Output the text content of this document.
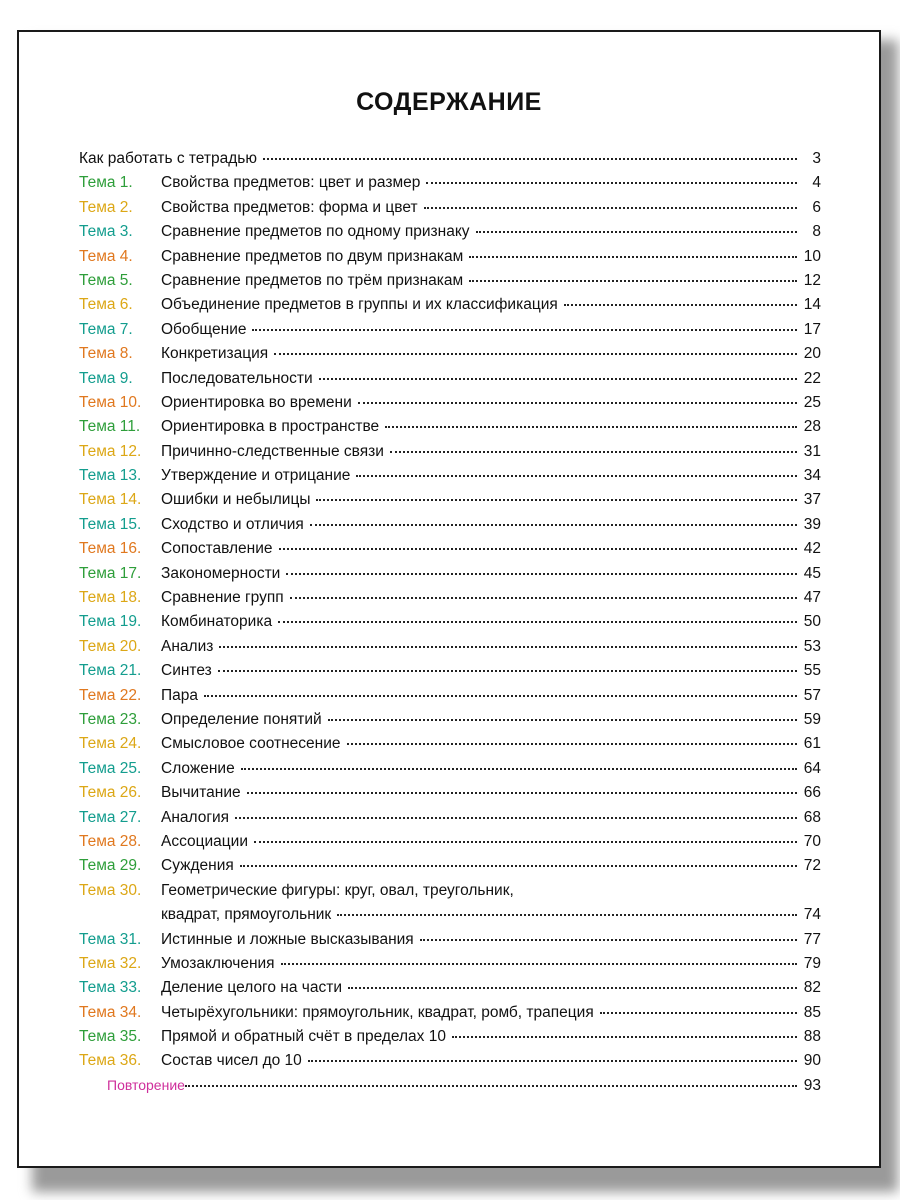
СОДЕРЖАНИЕ
Как работать с тетрадью	3
Тема 1.	Свойства предметов: цвет и размер	4
Тема 2.	Свойства предметов: форма и цвет	6
Тема 3.	Сравнение предметов по одному признаку	8
Тема 4.	Сравнение предметов по двум признакам	10
Тема 5.	Сравнение предметов по трём признакам	12
Тема 6.	Объединение предметов в группы и их классификация	14
Тема 7.	Обобщение	17
Тема 8.	Конкретизация	20
Тема 9.	Последовательности	22
Тема 10.	Ориентировка во времени	25
Тема 11.	Ориентировка в пространстве	28
Тема 12.	Причинно-следственные связи	31
Тема 13.	Утверждение и отрицание	34
Тема 14.	Ошибки и небылицы	37
Тема 15.	Сходство и отличия	39
Тема 16.	Сопоставление	42
Тема 17.	Закономерности	45
Тема 18.	Сравнение групп	47
Тема 19.	Комбинаторика	50
Тема 20.	Анализ	53
Тема 21.	Синтез	55
Тема 22.	Пара	57
Тема 23.	Определение понятий	59
Тема 24.	Смысловое соотнесение	61
Тема 25.	Сложение	64
Тема 26.	Вычитание	66
Тема 27.	Аналогия	68
Тема 28.	Ассоциации	70
Тема 29.	Суждения	72
Тема 30.	Геометрические фигуры: круг, овал, треугольник,
квадрат, прямоугольник	74
Тема 31.	Истинные и ложные высказывания	77
Тема 32.	Умозаключения	79
Тема 33.	Деление целого на части	82
Тема 34.	Четырёхугольники: прямоугольник, квадрат, ромб, трапеция	85
Тема 35.	Прямой и обратный счёт в пределах 10	88
Тема 36.	Состав чисел до 10	90
Повторение	93
